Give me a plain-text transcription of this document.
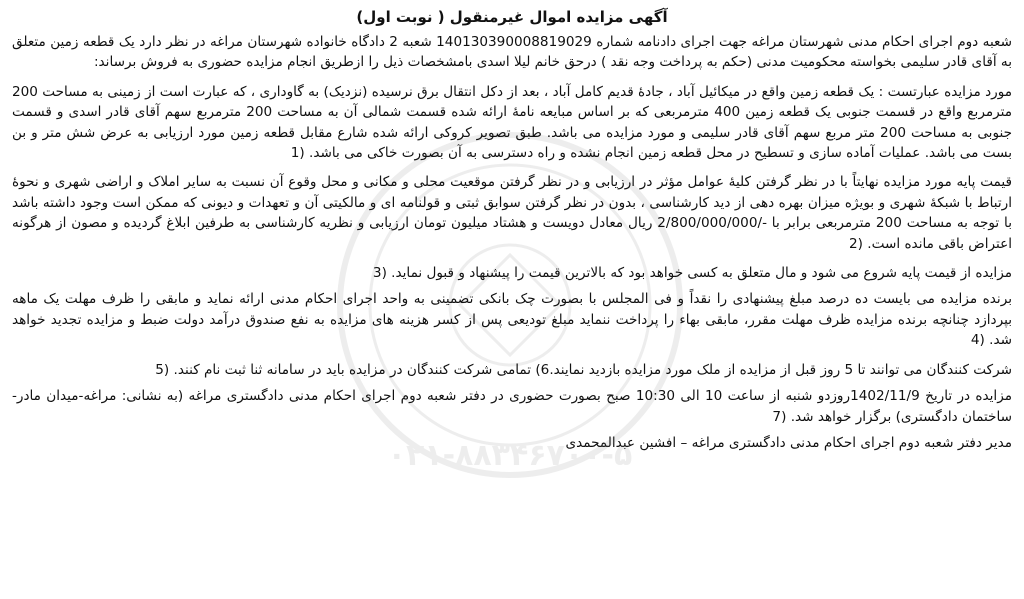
۰۲۱-۸۸۳۴۶۷۰۰-۵
آگهی مزایده اموال غیرمنقول ( نوبت اول)

شعبه دوم اجرای احکام مدنی شهرستان مراغه جهت اجرای دادنامه شماره 140130390008819029 شعبه 2 دادگاه خانواده شهرستان مراغه در نظر دارد یک قطعه زمین متعلق به آقای قادر سلیمی بخواسته محکومیت مدنی (حکم به پرداخت وجه نقد ) درحق خانم لیلا اسدی بامشخصات ذیل را ازطریق انجام مزایده حضوری به فروش برساند:

مورد مزایده عبارتست : یک قطعه زمین واقع در میکائیل آباد ، جادۀ قدیم کامل آباد ، بعد از دکل انتقال برق نرسیده (نزدیک) به گاوداری ، که عبارت است از زمینی به مساحت 200 مترمربع واقع در قسمت جنوبی یک قطعه زمین 400 مترمربعی که بر اساس مبایعه نامۀ ارائه شده قسمت شمالی آن به مساحت 200 مترمربع سهم آقای قادر اسدی و قسمت جنوبی به مساحت 200 متر مربع سهم آقای قادر سلیمی و مورد مزایده می باشد. طبق تصویر کروکی ارائه شده شارع مقابل قطعه زمین مورد ارزیابی به عرض شش متر و بن بست می باشد. عملیات آماده سازی و تسطیح در محل قطعه زمین انجام نشده و راه دسترسی به آن بصورت خاکی می باشد. (1

قیمت پایه مورد مزایده نهایتاً با در نظر گرفتن کلیۀ عوامل مؤثر در ارزیابی و در نظر گرفتن موقعیت محلی و مکانی و محل وقوع آن نسبت به سایر املاک و اراضی شهری و نحوۀ ارتباط با شبکۀ شهری و بویژه میزان بهره دهی از دید کارشناسی ، بدون در نظر گرفتن سوابق ثبتی و قولنامه ای و مالکیتی آن و تعهدات و دیونی که ممکن است وجود داشته باشد با توجه به مساحت 200 مترمربعی برابر با -/2/800/000/000 ریال معادل دویست و هشتاد میلیون تومان ارزیابی و نظریه کارشناسی به طرفین ابلاغ گردیده و مصون از هرگونه اعتراض باقی مانده است. (2

مزایده از قیمت پایه شروع می شود و مال متعلق به کسی خواهد بود که بالاترین قیمت را پیشنهاد و قبول نماید. (3

برنده مزایده می بایست ده درصد مبلغ پیشنهادی را نقداً و فی المجلس با بصورت چک بانکی تضمینی به واحد اجرای احکام مدنی ارائه نماید و مابقی را ظرف مهلت یک ماهه بپردازد چنانچه برنده مزایده ظرف مهلت مقرر، مابقی بهاء را پرداخت ننماید مبلغ تودیعی پس از کسر هزینه های مزایده به نفع صندوق درآمد دولت ضبط و مزایده تجدید خواهد شد. (4

شرکت کنندگان می توانند تا 5 روز قبل از مزایده از ملک مورد مزایده بازدید نمایند.6) تمامی شرکت کنندگان در مزایده باید در سامانه ثنا ثبت نام کنند. (5

مزایده در تاریخ 1402/11/9روزدو شنبه از ساعت 10 الی 10:30 صبح بصورت حضوری در دفتر شعبه دوم اجرای احکام مدنی دادگستری مراغه (به نشانی: مراغه-میدان مادر-ساختمان دادگستری) برگزار خواهد شد. (7

مدیر دفتر شعبه دوم اجرای احکام مدنی دادگستری مراغه – افشین عبدالمحمدی
